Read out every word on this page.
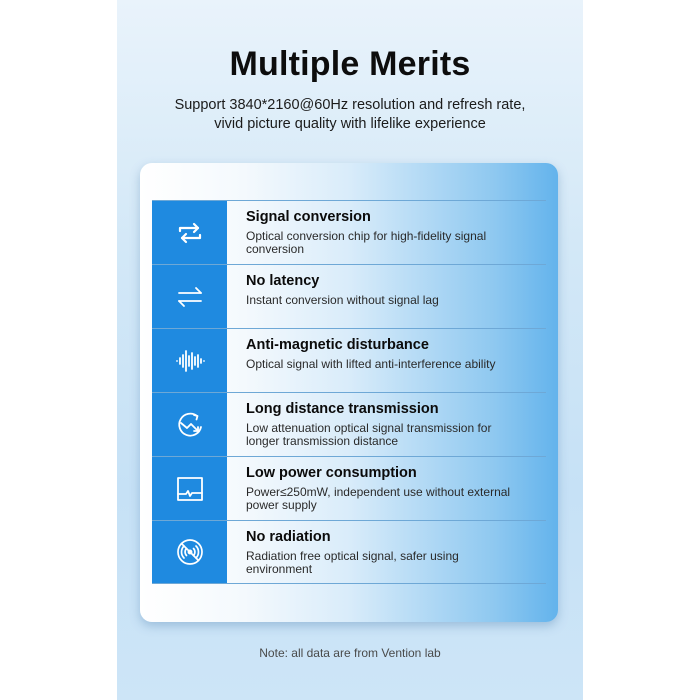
Multiple Merits
Support 3840*2160@60Hz resolution and refresh rate,
vivid picture quality with lifelike experience
Signal conversion
Optical conversion chip for high-fidelity signal conversion
No latency
Instant conversion without signal lag
Anti-magnetic disturbance
Optical signal with lifted anti-interference ability
Long distance transmission
Low attenuation optical signal transmission for longer transmission distance
Low power consumption
Power≤250mW, independent use without external power supply
No radiation
Radiation free optical signal, safer using environment
Note: all data are from Vention lab
